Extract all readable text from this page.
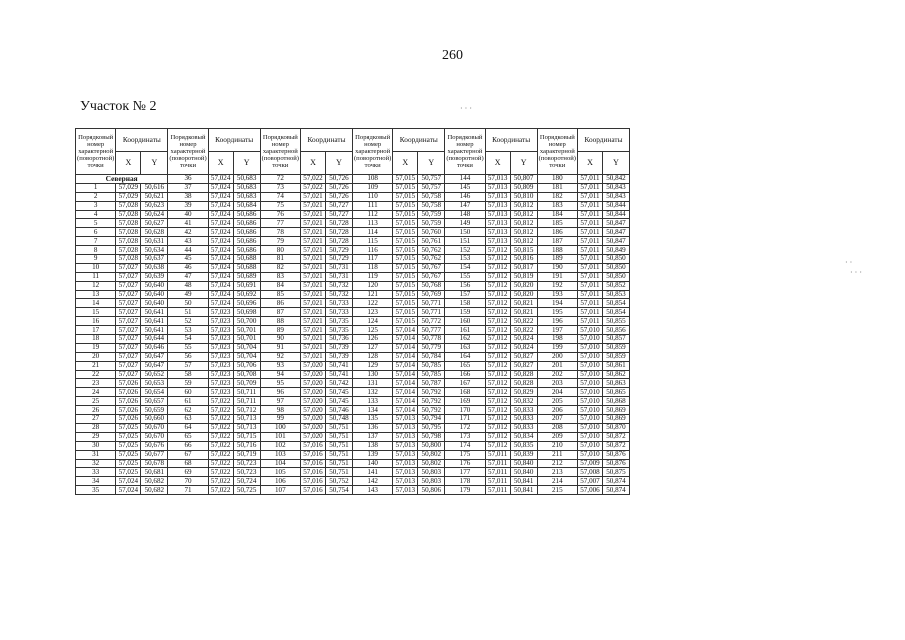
260
Участок № 2	· · ·
· ·
· · ·
Порядковый номер характерной (поворотной) точки	Координаты		Порядковый номер характерной (поворотной) точки	Координаты		Порядковый номер характерной (поворотной) точки	Координаты		Порядковый номер характерной (поворотной) точки	Координаты		Порядковый номер характерной (поворотной) точки	Координаты		Порядковый номер характерной (поворотной) точки	Координаты	
	X	Y		X	Y		X	Y		X	Y		X	Y		X	Y
Северная			36	57,024	50,683	72	57,022	50,726	108	57,015	50,757	144	57,013	50,807	180	57,011	50,842
1	57,029	50,616	37	57,024	50,683	73	57,022	50,726	109	57,015	50,757	145	57,013	50,809	181	57,011	50,843
2	57,029	50,621	38	57,024	50,683	74	57,021	50,726	110	57,015	50,758	146	57,013	50,810	182	57,011	50,843
3	57,028	50,623	39	57,024	50,684	75	57,021	50,727	111	57,015	50,758	147	57,013	50,812	183	57,011	50,844
4	57,028	50,624	40	57,024	50,686	76	57,021	50,727	112	57,015	50,759	148	57,013	50,812	184	57,011	50,844
5	57,028	50,627	41	57,024	50,686	77	57,021	50,728	113	57,015	50,759	149	57,013	50,812	185	57,011	50,847
6	57,028	50,628	42	57,024	50,686	78	57,021	50,728	114	57,015	50,760	150	57,013	50,812	186	57,011	50,847
7	57,028	50,631	43	57,024	50,686	79	57,021	50,728	115	57,015	50,761	151	57,013	50,812	187	57,011	50,847
8	57,028	50,634	44	57,024	50,686	80	57,021	50,729	116	57,015	50,762	152	57,012	50,815	188	57,011	50,849
9	57,028	50,637	45	57,024	50,688	81	57,021	50,729	117	57,015	50,762	153	57,012	50,816	189	57,011	50,850
10	57,027	50,638	46	57,024	50,688	82	57,021	50,731	118	57,015	50,767	154	57,012	50,817	190	57,011	50,850
11	57,027	50,639	47	57,024	50,689	83	57,021	50,731	119	57,015	50,767	155	57,012	50,819	191	57,011	50,850
12	57,027	50,640	48	57,024	50,691	84	57,021	50,732	120	57,015	50,768	156	57,012	50,820	192	57,011	50,852
13	57,027	50,640	49	57,024	50,692	85	57,021	50,732	121	57,015	50,769	157	57,012	50,820	193	57,011	50,853
14	57,027	50,640	50	57,024	50,696	86	57,021	50,733	122	57,015	50,771	158	57,012	50,821	194	57,011	50,854
15	57,027	50,641	51	57,023	50,698	87	57,021	50,733	123	57,015	50,771	159	57,012	50,821	195	57,011	50,854
16	57,027	50,641	52	57,023	50,700	88	57,021	50,735	124	57,015	50,772	160	57,012	50,822	196	57,011	50,855
17	57,027	50,641	53	57,023	50,701	89	57,021	50,735	125	57,014	50,777	161	57,012	50,822	197	57,010	50,856
18	57,027	50,644	54	57,023	50,701	90	57,021	50,736	126	57,014	50,778	162	57,012	50,824	198	57,010	50,857
19	57,027	50,646	55	57,023	50,704	91	57,021	50,739	127	57,014	50,779	163	57,012	50,824	199	57,010	50,859
20	57,027	50,647	56	57,023	50,704	92	57,021	50,739	128	57,014	50,784	164	57,012	50,827	200	57,010	50,859
21	57,027	50,647	57	57,023	50,706	93	57,020	50,741	129	57,014	50,785	165	57,012	50,827	201	57,010	50,861
22	57,027	50,652	58	57,023	50,708	94	57,020	50,741	130	57,014	50,785	166	57,012	50,828	202	57,010	50,862
23	57,026	50,653	59	57,023	50,709	95	57,020	50,742	131	57,014	50,787	167	57,012	50,828	203	57,010	50,863
24	57,026	50,654	60	57,023	50,711	96	57,020	50,745	132	57,014	50,792	168	57,012	50,829	204	57,010	50,865
25	57,026	50,657	61	57,022	50,711	97	57,020	50,745	133	57,014	50,792	169	57,012	50,832	205	57,010	50,868
26	57,026	50,659	62	57,022	50,712	98	57,020	50,746	134	57,014	50,792	170	57,012	50,833	206	57,010	50,869
27	57,026	50,660	63	57,022	50,713	99	57,020	50,748	135	57,013	50,794	171	57,012	50,833	207	57,010	50,869
28	57,025	50,670	64	57,022	50,713	100	57,020	50,751	136	57,013	50,795	172	57,012	50,833	208	57,010	50,870
29	57,025	50,670	65	57,022	50,715	101	57,020	50,751	137	57,013	50,798	173	57,012	50,834	209	57,010	50,872
30	57,025	50,676	66	57,022	50,716	102	57,016	50,751	138	57,013	50,800	174	57,012	50,835	210	57,010	50,872
31	57,025	50,677	67	57,022	50,719	103	57,016	50,751	139	57,013	50,802	175	57,011	50,839	211	57,010	50,876
32	57,025	50,678	68	57,022	50,723	104	57,016	50,751	140	57,013	50,802	176	57,011	50,840	212	57,009	50,876
33	57,025	50,681	69	57,022	50,723	105	57,016	50,751	141	57,013	50,803	177	57,011	50,840	213	57,008	50,875
34	57,024	50,682	70	57,022	50,724	106	57,016	50,752	142	57,013	50,803	178	57,011	50,841	214	57,007	50,874
35	57,024	50,682	71	57,022	50,725	107	57,016	50,754	143	57,013	50,806	179	57,011	50,841	215	57,006	50,874
